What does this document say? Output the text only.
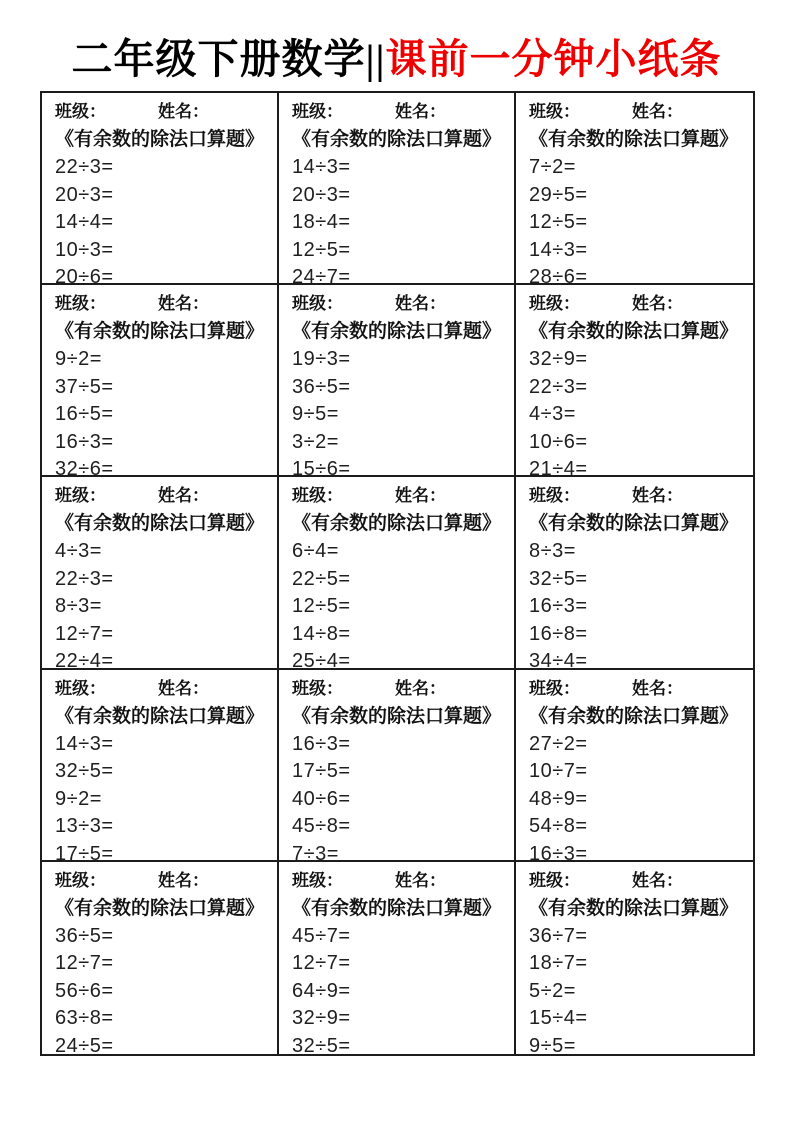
二年级下册数学||课前一分钟小纸条
班级：	姓名：
《有余数的除法口算题》
22÷3=
20÷3=
14÷4=
10÷3=
20÷6=
班级：	姓名：
《有余数的除法口算题》
14÷3=
20÷3=
18÷4=
12÷5=
24÷7=
班级：	姓名：
《有余数的除法口算题》
7÷2=
29÷5=
12÷5=
14÷3=
28÷6=
班级：	姓名：
《有余数的除法口算题》
9÷2=
37÷5=
16÷5=
16÷3=
32÷6=
班级：	姓名：
《有余数的除法口算题》
19÷3=
36÷5=
9÷5=
3÷2=
15÷6=
班级：	姓名：
《有余数的除法口算题》
32÷9=
22÷3=
4÷3=
10÷6=
21÷4=
班级：	姓名：
《有余数的除法口算题》
4÷3=
22÷3=
8÷3=
12÷7=
22÷4=
班级：	姓名：
《有余数的除法口算题》
6÷4=
22÷5=
12÷5=
14÷8=
25÷4=
班级：	姓名：
《有余数的除法口算题》
8÷3=
32÷5=
16÷3=
16÷8=
34÷4=
班级：	姓名：
《有余数的除法口算题》
14÷3=
32÷5=
9÷2=
13÷3=
17÷5=
班级：	姓名：
《有余数的除法口算题》
16÷3=
17÷5=
40÷6=
45÷8=
7÷3=
班级：	姓名：
《有余数的除法口算题》
27÷2=
10÷7=
48÷9=
54÷8=
16÷3=
班级：	姓名：
《有余数的除法口算题》
36÷5=
12÷7=
56÷6=
63÷8=
24÷5=
班级：	姓名：
《有余数的除法口算题》
45÷7=
12÷7=
64÷9=
32÷9=
32÷5=
班级：	姓名：
《有余数的除法口算题》
36÷7=
18÷7=
5÷2=
15÷4=
9÷5=
